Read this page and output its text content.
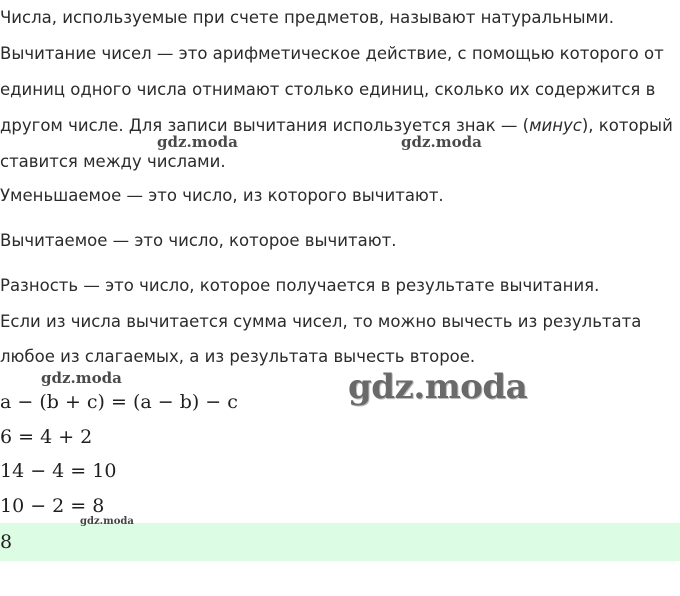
Числа, используемые при счете предметов, называют натуральными.
Вычитание чисел — это арифметическое действие, с помощью которого от
единиц одного числа отнимают столько единиц, сколько их содержится в
другом числе. Для записи вычитания используется знак — (минус), который
ставится между числами.
Уменьшаемое — это число, из которого вычитают.
Вычитаемое — это число, которое вычитают.
Разность — это число, которое получается в результате вычитания.
Если из числа вычитается сумма чисел, то можно вычесть из результата
любое из слагаемых, а из результата вычесть второе.
a − (b + c) = (a − b) − c
6 = 4 + 2
14 − 4 = 10
10 − 2 = 8
8
gdz.moda	gdz.moda
gdz.moda	gdz.moda
gdz.moda
